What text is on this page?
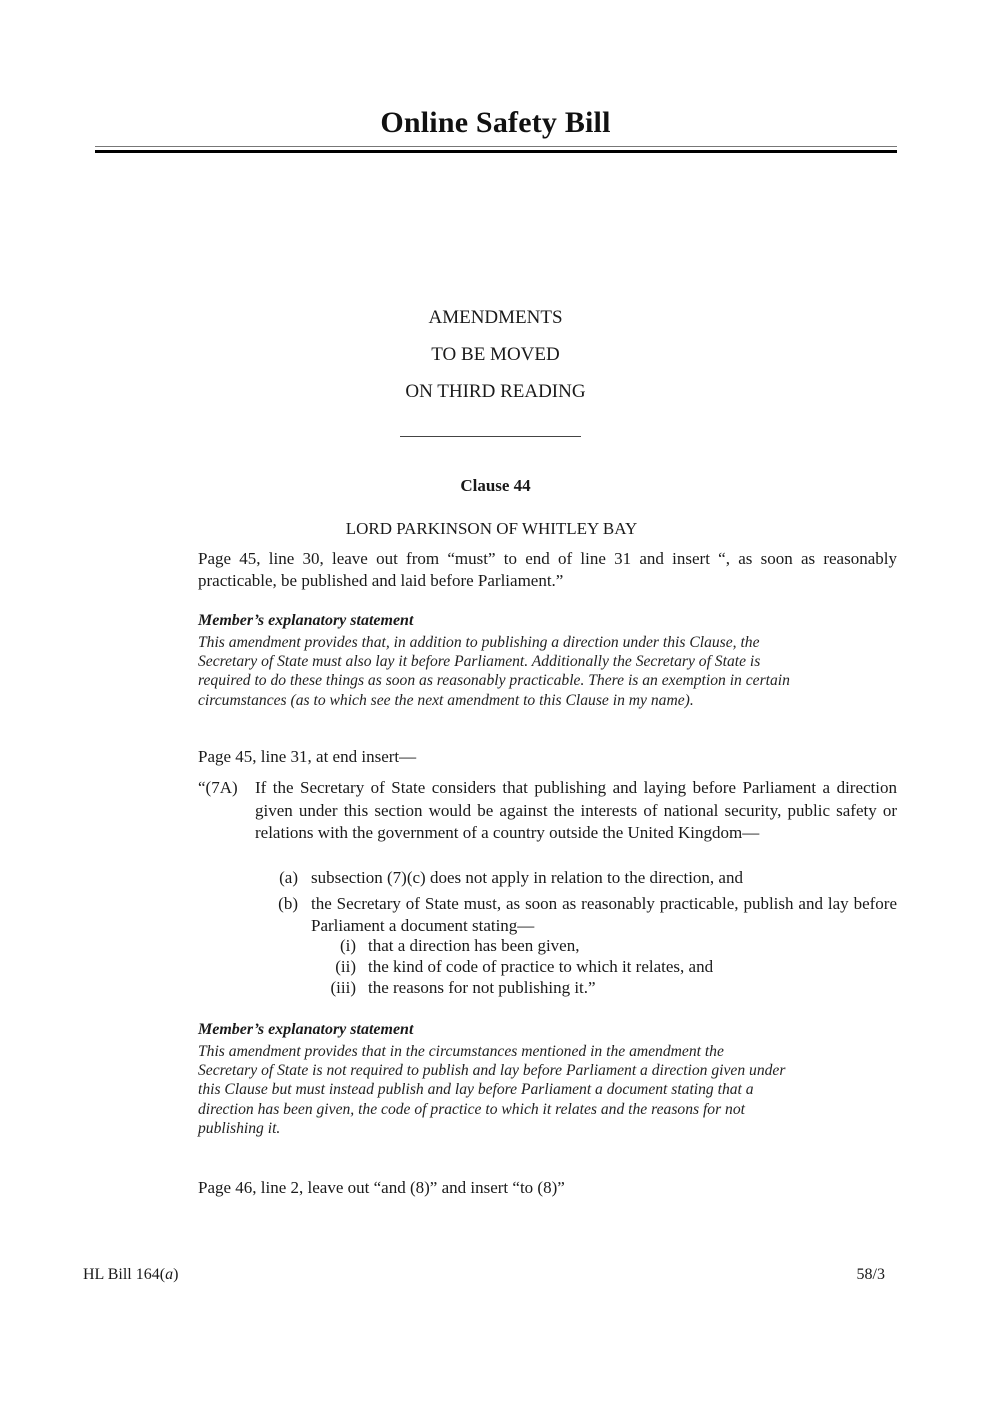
Online Safety Bill
AMENDMENTS
TO BE MOVED
ON THIRD READING
Clause 44
LORD PARKINSON OF WHITLEY BAY
Page 45, line 30, leave out from “must” to end of line 31 and insert “, as soon as reasonably practicable, be published and laid before Parliament.”
Member’s explanatory statement
This amendment provides that, in addition to publishing a direction under this Clause, the
Secretary of State must also lay it before Parliament. Additionally the Secretary of State is
required to do these things as soon as reasonably practicable. There is an exemption in certain
circumstances (as to which see the next amendment to this Clause in my name).
Page 45, line 31, at end insert—
“(7A)	If the Secretary of State considers that publishing and laying before Parliament a direction given under this section would be against the interests of national security, public safety or relations with the government of a country outside the United Kingdom—
(a) subsection (7)(c) does not apply in relation to the direction, and
(b) the Secretary of State must, as soon as reasonably practicable, publish and lay before Parliament a document stating—
(i) that a direction has been given,
(ii) the kind of code of practice to which it relates, and
(iii) the reasons for not publishing it.”
Member’s explanatory statement
This amendment provides that in the circumstances mentioned in the amendment the
Secretary of State is not required to publish and lay before Parliament a direction given under
this Clause but must instead publish and lay before Parliament a document stating that a
direction has been given, the code of practice to which it relates and the reasons for not
publishing it.
Page 46, line 2, leave out “and (8)” and insert “to (8)”
HL Bill 164(a)	58/3
